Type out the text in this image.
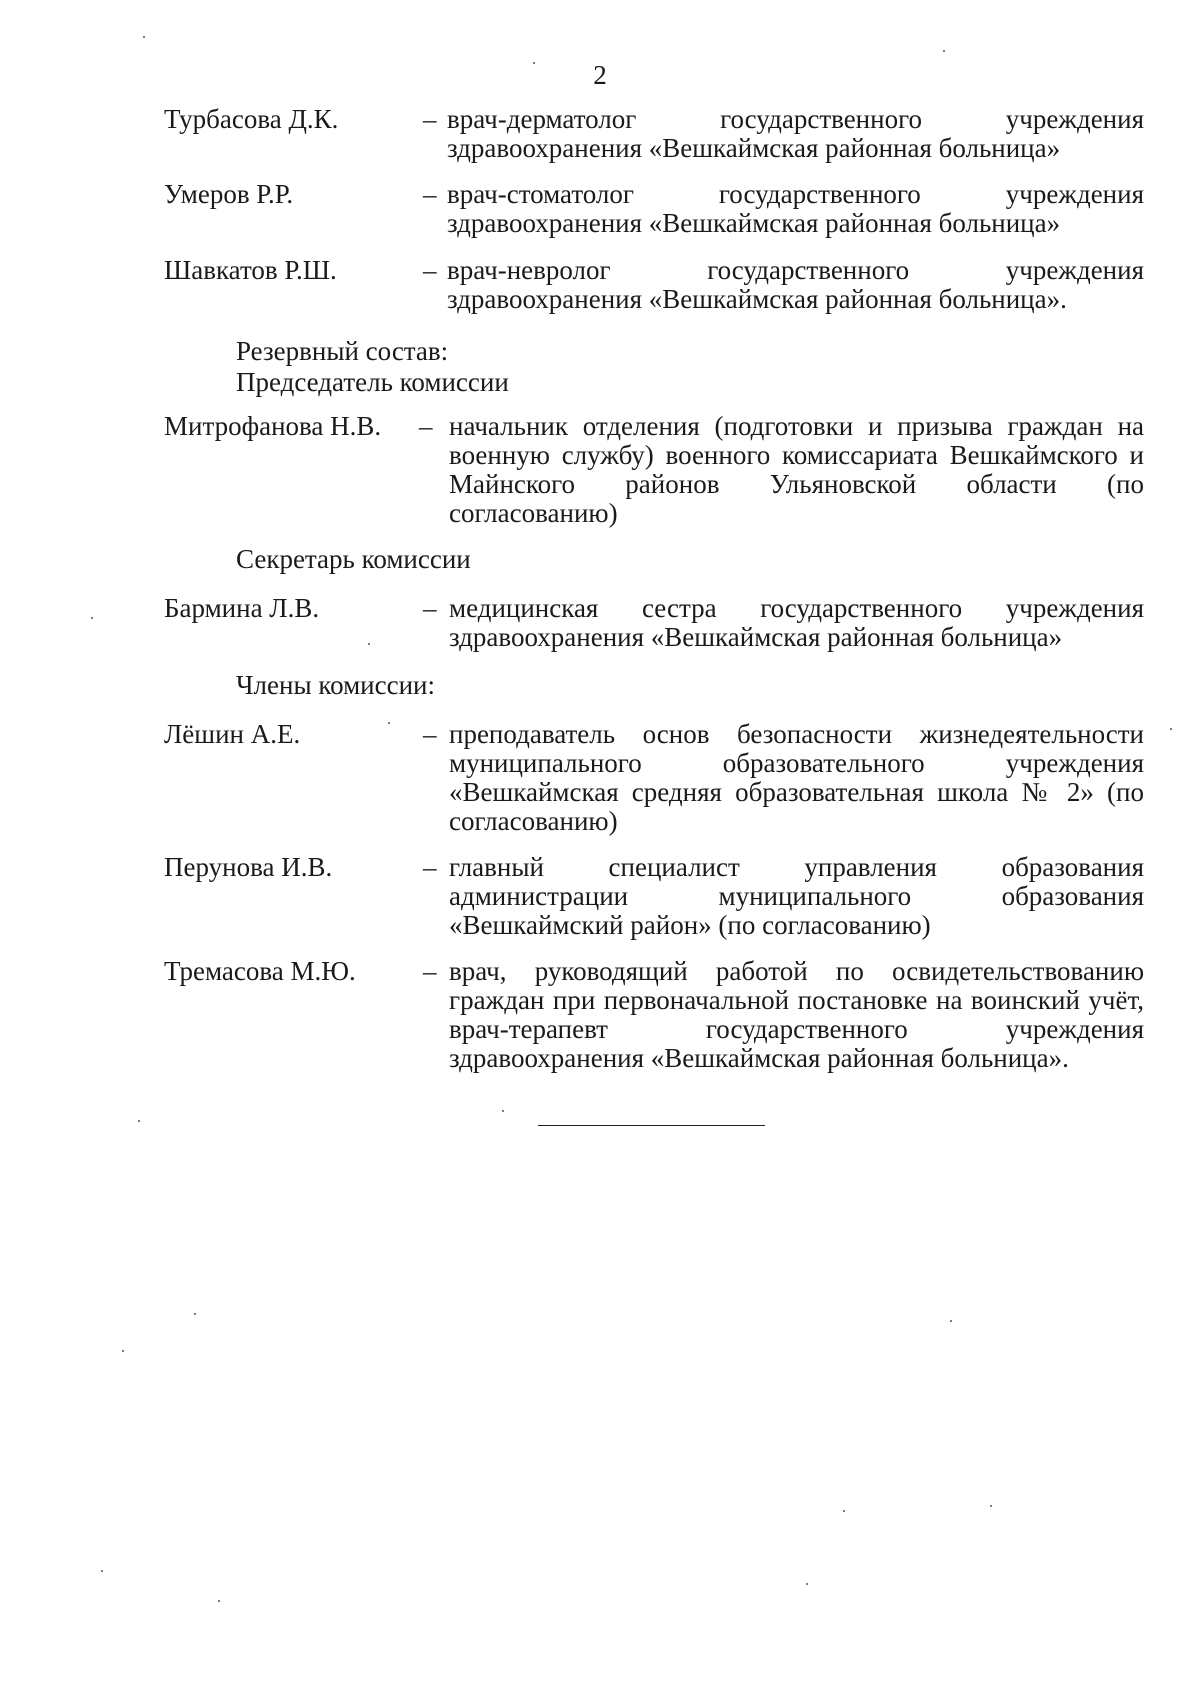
2
Турбасова Д.К.	– врач-дерматолог государственного учреждения здравоохранения «Вешкаймская районная больница»
Умеров Р.Р.	– врач-стоматолог государственного учреждения здравоохранения «Вешкаймская районная больница»
Шавкатов Р.Ш.	– врач-невролог государственного учреждения здравоохранения «Вешкаймская районная больница».
Резервный состав:
Председатель комиссии
Митрофанова Н.В. – начальник отделения (подготовки и призыва граждан на военную службу) военного комиссариата Вешкаймского и Майнского районов Ульяновской области (по согласованию)
Секретарь комиссии
Бармина Л.В.	– медицинская сестра государственного учреждения здравоохранения «Вешкаймская районная больница»
Члены комиссии:
Лёшин А.Е.	– преподаватель основ безопасности жизнедеятельности муниципального образовательного учреждения «Вешкаймская средняя образовательная школа № 2» (по согласованию)
Перунова И.В.	– главный специалист управления образования администрации муниципального образования «Вешкаймский район» (по согласованию)
Тремасова М.Ю. – врач, руководящий работой по освидетельствованию граждан при первоначальной постановке на воинский учёт, врач-терапевт государственного учреждения здравоохранения «Вешкаймская районная больница».
